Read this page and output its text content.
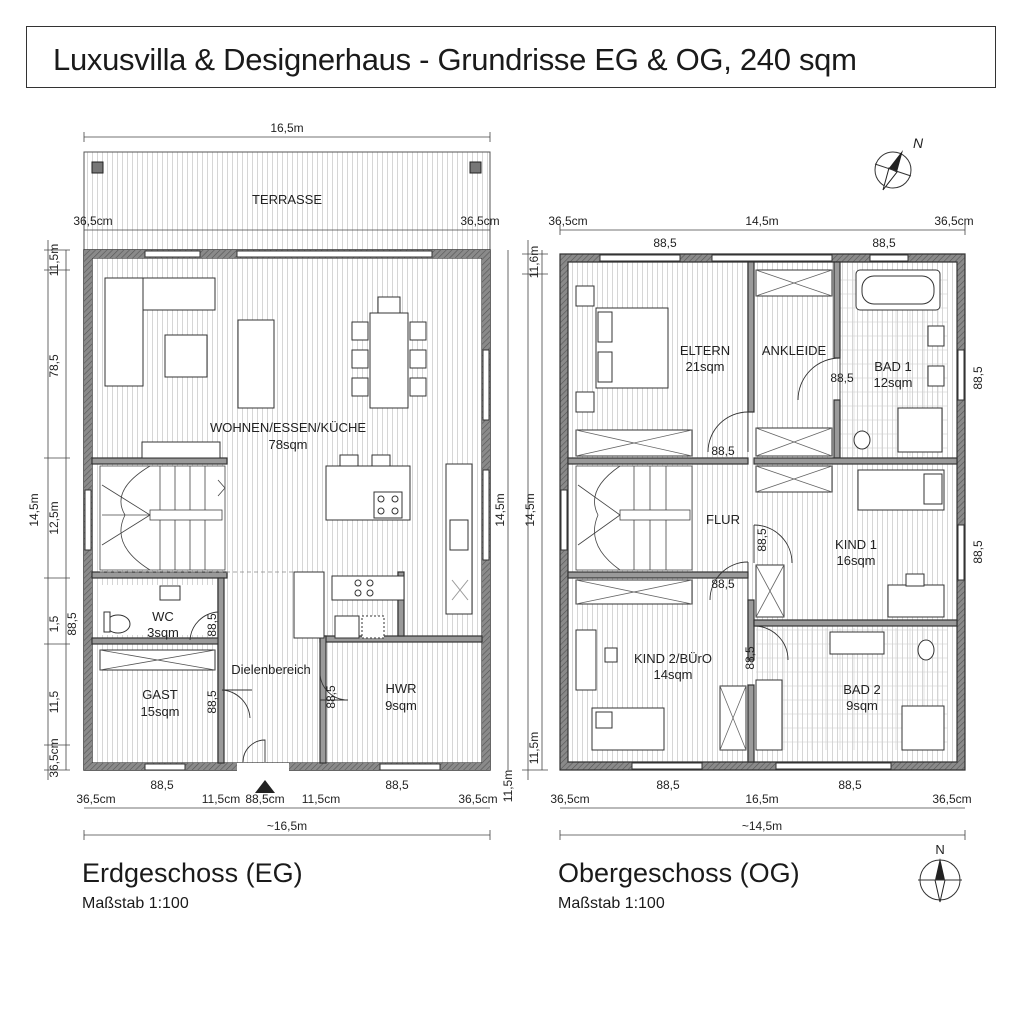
Luxusvilla & Designerhaus - Grundrisse EG & OG, 240 sqm
TERRASSE
WOHNEN/ESSEN/KÜCHE
78sqm
WC
3sqm
GAST
15sqm
Dielenbereich
HWR
9sqm
16,5m
36,5cm	36,5cm
88,5	88,5
36,5cm	11,5cm 88,5cm 11,5cm	36,5cm
~16,5m
88,5
88,5	88,5
11,5m
78,5
12,5m
1,5
11,5
36,5cm
14,5m
88,5
14,5m
11,5m
ELTERN
21sqm
ANKLEIDE
BAD 1
12sqm
FLUR
KIND 1
16sqm
KIND 2/BÜrO
14sqm
BAD 2
9sqm
36,5cm	14,5m	36,5cm
88,5	88,5
11,6m
14,5m
11,5m
88,5
88,5
88,5
88,5
88,5
88,5
88,5
88,5	88,5
36,5cm	16,5m	36,5cm
~14,5m
N
N
Erdgeschoss (EG)
Maßstab 1:100
Obergeschoss (OG)
Maßstab 1:100
